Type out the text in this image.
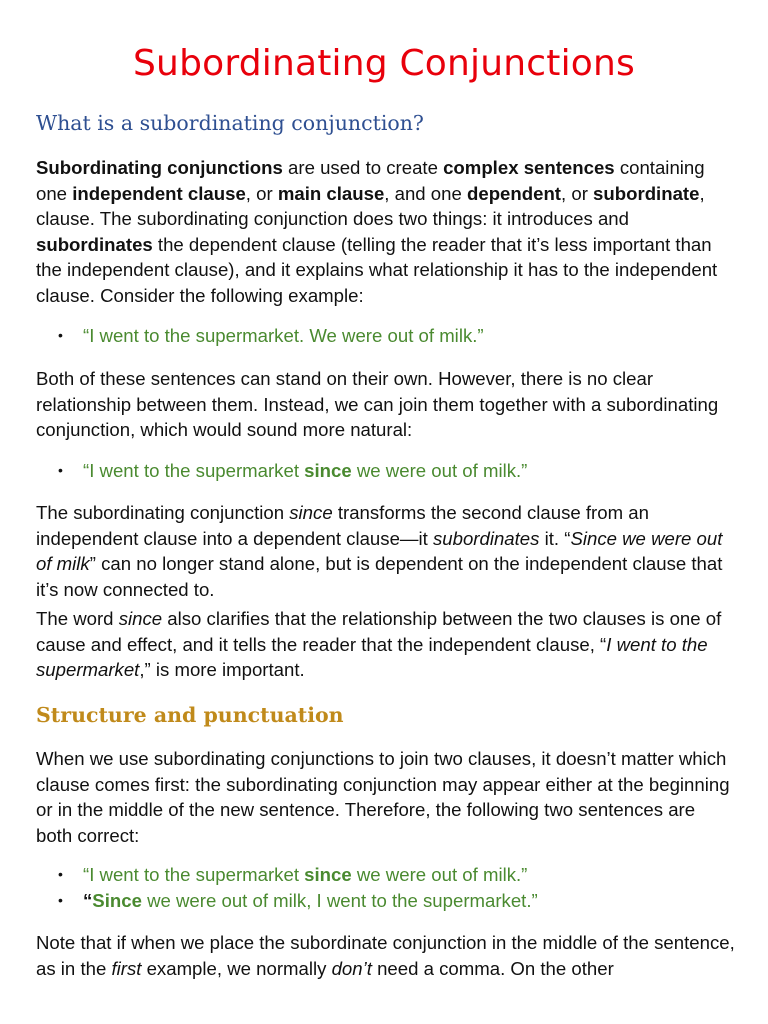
Subordinating Conjunctions
What is a subordinating conjunction?

Subordinating conjunctions are used to create complex sentences containing one independent clause, or main clause, and one dependent, or subordinate, clause. The subordinating conjunction does two things: it introduces and subordinates the dependent clause (telling the reader that it’s less important than the independent clause), and it explains what relationship it has to the independent clause. Consider the following example:

• “I went to the supermarket. We were out of milk.”

Both of these sentences can stand on their own. However, there is no clear relationship between them. Instead, we can join them together with a subordinating conjunction, which would sound more natural:

• “I went to the supermarket since we were out of milk.”

The subordinating conjunction since transforms the second clause from an independent clause into a dependent clause—it subordinates it. “Since we were out of milk” can no longer stand alone, but is dependent on the independent clause that it’s now connected to.

The word since also clarifies that the relationship between the two clauses is one of cause and effect, and it tells the reader that the independent clause, “I went to the supermarket,” is more important.

Structure and punctuation

When we use subordinating conjunctions to join two clauses, it doesn’t matter which clause comes first: the subordinating conjunction may appear either at the beginning or in the middle of the new sentence. Therefore, the following two sentences are both correct:

• “I went to the supermarket since we were out of milk.”
• “Since we were out of milk, I went to the supermarket.”

Note that if when we place the subordinate conjunction in the middle of the sentence, as in the first example, we normally don’t need a comma. On the other
